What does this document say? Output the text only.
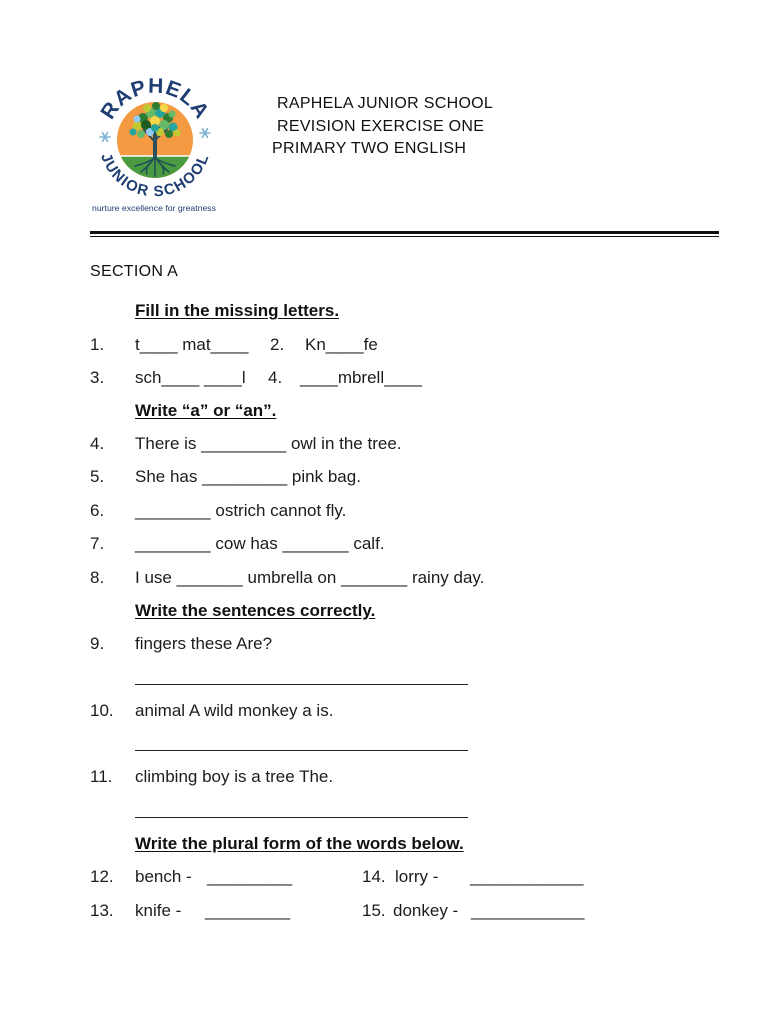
RAPHELA
JUNIOR SCHOOL
nurture excellence for greatness
RAPHELA JUNIOR SCHOOL
REVISION EXERCISE ONE
PRIMARY TWO ENGLISH
SECTION A
Fill in the missing letters.
1. t____ mat____ 2. Kn____fe
3. sch____ ____l 4. ____mbrell____
Write “a” or “an”.
4. There is _________ owl in the tree.
5. She has _________ pink bag.
6. ________ ostrich cannot fly.
7. ________ cow has _______ calf.
8. I use _______ umbrella on _______ rainy day.
Write the sentences correctly.
9. fingers these Are?
10. animal A wild monkey a is.
11. climbing boy is a tree The.
Write the plural form of the words below.
12. bench - _________	14. lorry - ____________
13. knife - _________	15. donkey - ____________
